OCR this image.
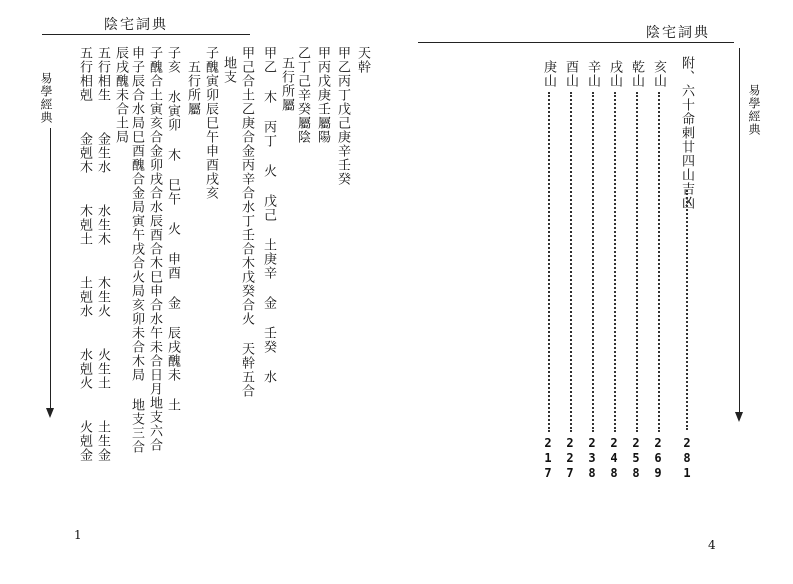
陰宅詞典
易學經典
天幹
甲乙丙丁戊己庚辛壬癸
甲丙戊庚壬屬陽
乙丁己辛癸屬陰
五行所屬
甲乙 木 丙丁 火 戊己 土庚辛 金 壬癸 水
甲己合土乙庚合金丙辛合水丁壬合木戊癸合火 天幹五合
地支
子醜寅卯辰巳午申酉戌亥
五行所屬
子亥 水寅卯 木 巳午 火 申酉 金 辰戌醜未 土
子醜合土寅亥合金卯戌合水辰酉合木巳申合水午未合日月地支六合
申子辰合水局巳酉醜合金局寅午戌合火局亥卯未合木局 地支三合
辰戌醜未合土局
五行相生 金生水 水生木 木生火 火生土 土生金
五行相剋 金剋木 木剋土 土剋水 水剋火 火剋金
1
陰宅詞典
易學經典
附、六十命剌廿四山吉凶
2
8
1
亥山
2
6
9
乾山
2
5
8
戌山
2
4
8
辛山
2
3
8
酉山
2
2
7
庚山
2
1
7
4
